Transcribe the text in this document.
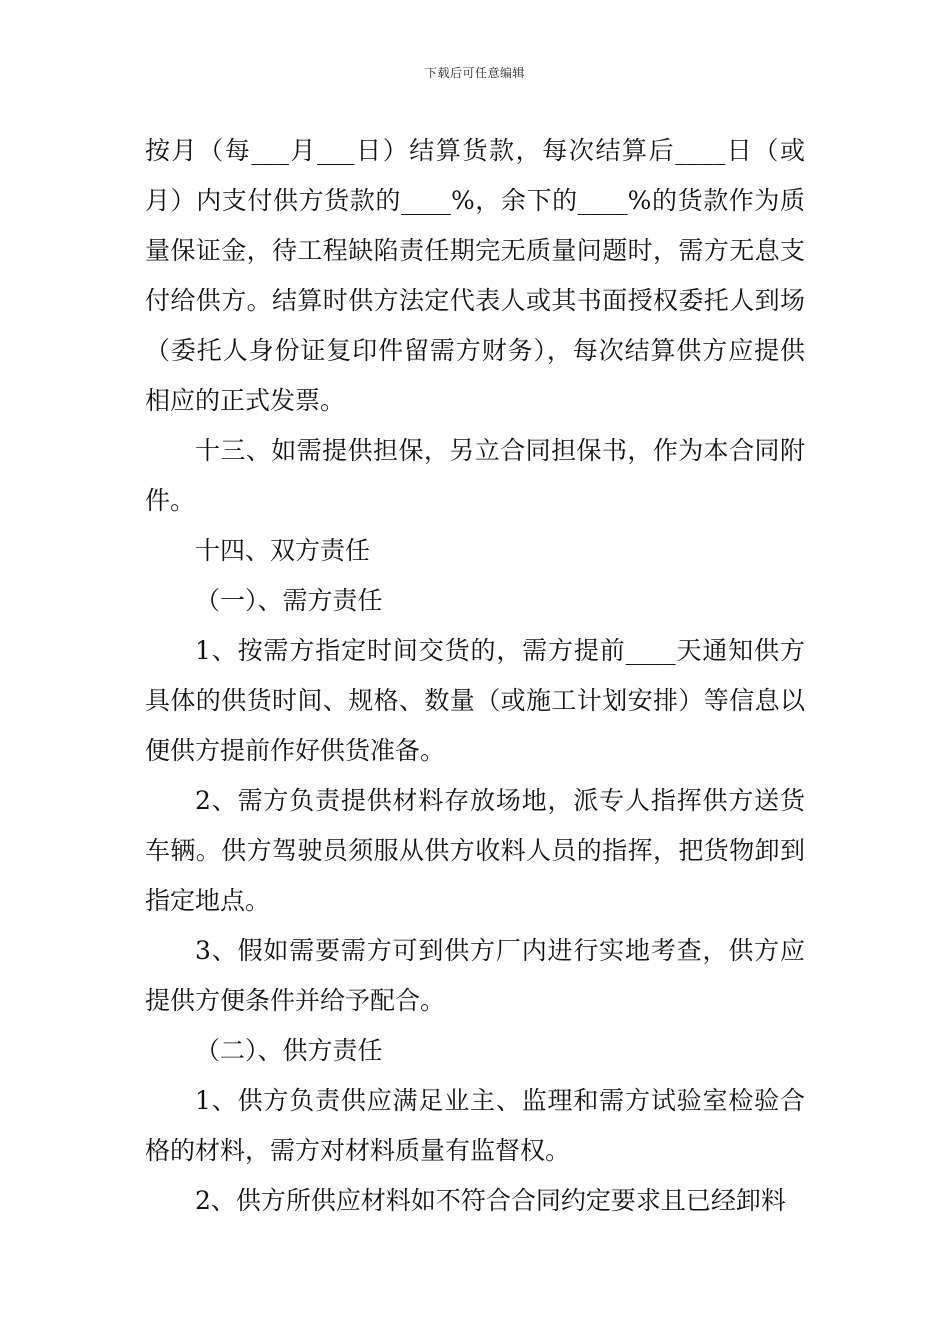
下载后可任意编辑

按月（每___月___日）结算货款，每次结算后____日（或月）内支付供方货款的____%，余下的____%的货款作为质量保证金，待工程缺陷责任期完无质量问题时，需方无息支付给供方。结算时供方法定代表人或其书面授权委托人到场（委托人身份证复印件留需方财务），每次结算供方应提供相应的正式发票。

十三、如需提供担保，另立合同担保书，作为本合同附件。

十四、双方责任

（一）、需方责任

1、按需方指定时间交货的，需方提前____天通知供方具体的供货时间、规格、数量（或施工计划安排）等信息以便供方提前作好供货准备。

2、需方负责提供材料存放场地，派专人指挥供方送货车辆。供方驾驶员须服从供方收料人员的指挥，把货物卸到指定地点。

3、假如需要需方可到供方厂内进行实地考查，供方应提供方便条件并给予配合。

（二）、供方责任

1、供方负责供应满足业主、监理和需方试验室检验合格的材料，需方对材料质量有监督权。

2、供方所供应材料如不符合合同约定要求且已经卸料
